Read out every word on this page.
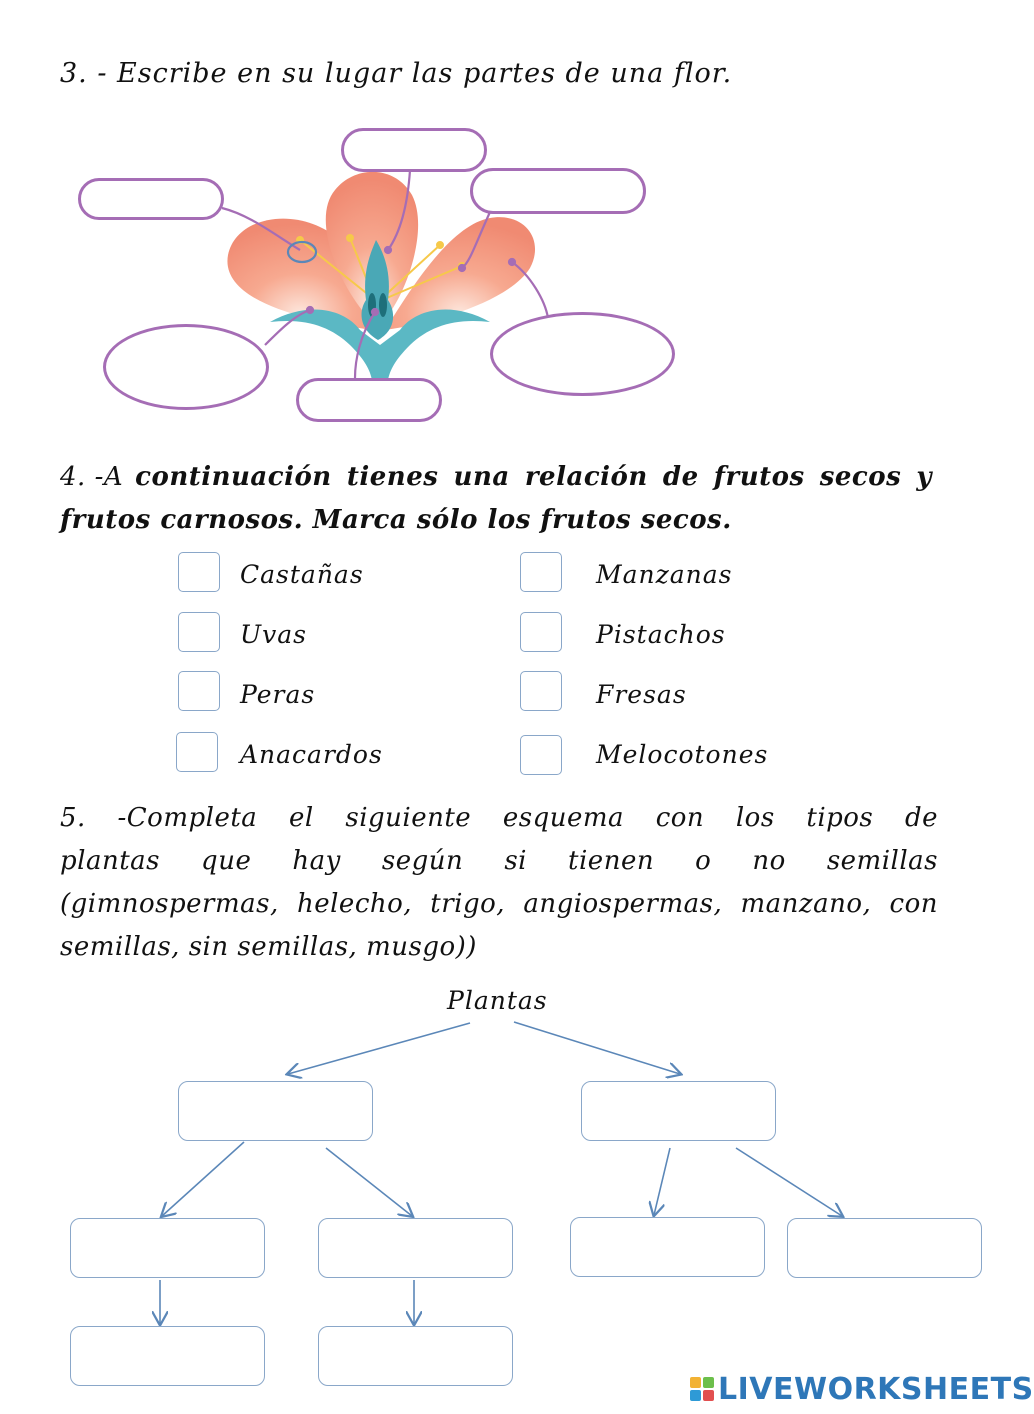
3. - Escribe en su lugar las partes de una flor.
4. -A continuación tienes una relación de frutos secos y
frutos carnosos. Marca sólo los frutos secos.
Castañas
Uvas
Peras
Anacardos
Manzanas
Pistachos
Fresas
Melocotones
5. -Completa el siguiente esquema con los tipos de
plantas que hay según si tienen o no semillas
(gimnospermas, helecho, trigo, angiospermas, manzano, con
semillas, sin semillas, musgo))
Plantas
LIVEWORKSHEETS
